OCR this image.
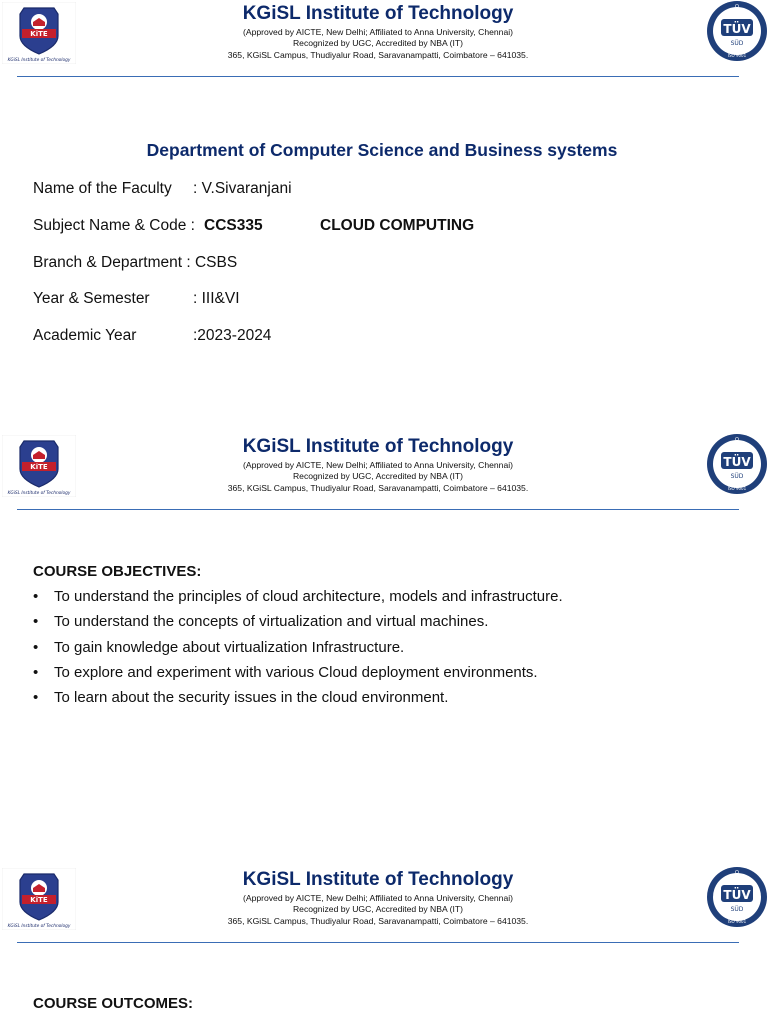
KiTE
KGiSL Institute of Technology
KGiSL Institute of Technology
(Approved by AICTE, New Delhi; Affiliated to Anna University, Chennai)
Recognized by UGC, Accredited by NBA (IT)
365, KGiSL Campus, Thudiyalur Road, Saravanampatti, Coimbatore – 641035.
TÜV
SÜD
Q
ISO 9001
Department of Computer Science and Business systems
Name of the Faculty : V.Sivaranjani
Subject Name & Code : CCS335	CLOUD COMPUTING
Branch & Department : CSBS
Year & Semester	: III&VI
Academic Year	:2023-2024
KiTE
KGiSL Institute of Technology
KGiSL Institute of Technology
(Approved by AICTE, New Delhi; Affiliated to Anna University, Chennai)
Recognized by UGC, Accredited by NBA (IT)
365, KGiSL Campus, Thudiyalur Road, Saravanampatti, Coimbatore – 641035.
TÜV
SÜD
Q
ISO 9001
COURSE OBJECTIVES:
• To understand the principles of cloud architecture, models and infrastructure.
• To understand the concepts of virtualization and virtual machines.
• To gain knowledge about virtualization Infrastructure.
• To explore and experiment with various Cloud deployment environments.
• To learn about the security issues in the cloud environment.
KiTE
KGiSL Institute of Technology
KGiSL Institute of Technology
(Approved by AICTE, New Delhi; Affiliated to Anna University, Chennai)
Recognized by UGC, Accredited by NBA (IT)
365, KGiSL Campus, Thudiyalur Road, Saravanampatti, Coimbatore – 641035.
TÜV
SÜD
Q
ISO 9001
COURSE OUTCOMES:
